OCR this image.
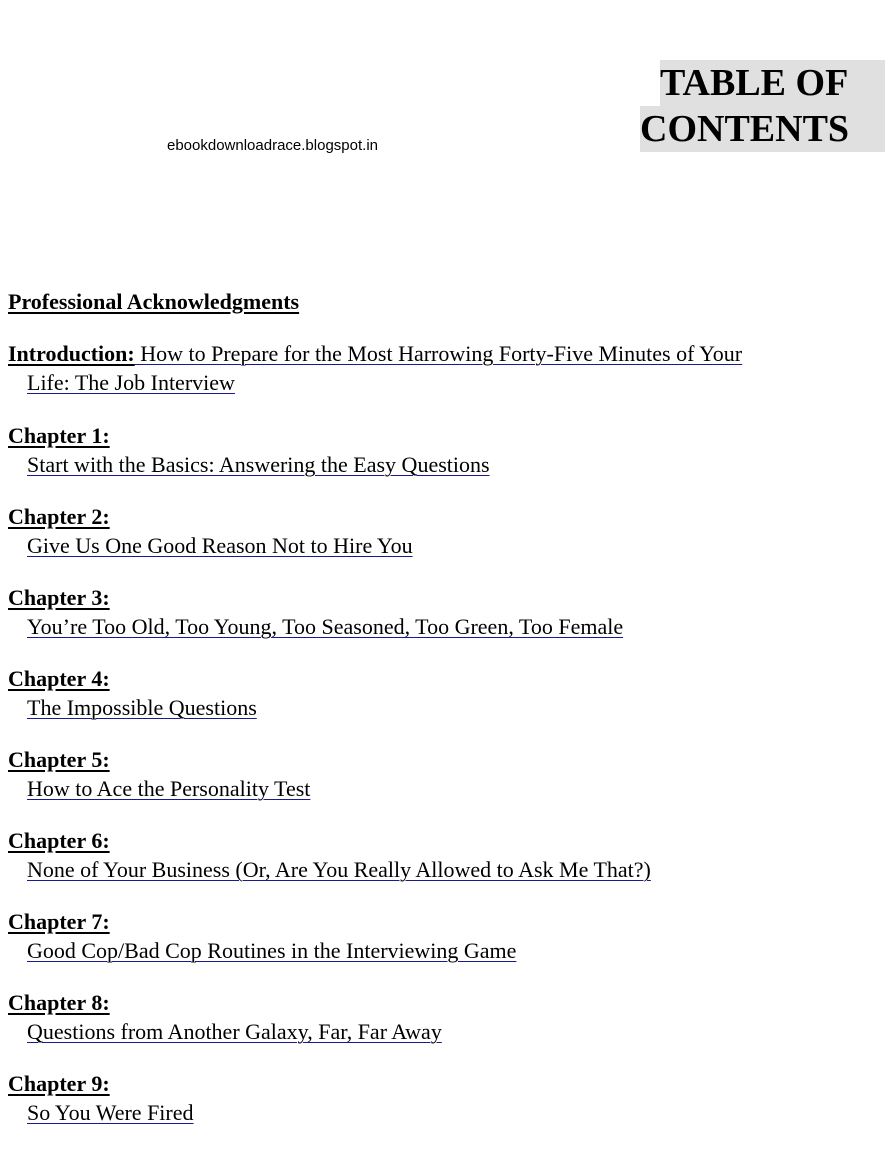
ebookdownloadrace.blogspot.in
TABLE OF
CONTENTS
Professional Acknowledgments
Introduction: How to Prepare for the Most Harrowing Forty-Five Minutes of Your
Life: The Job Interview
Chapter 1:
Start with the Basics: Answering the Easy Questions
Chapter 2:
Give Us One Good Reason Not to Hire You
Chapter 3:
You’re Too Old, Too Young, Too Seasoned, Too Green, Too Female
Chapter 4:
The Impossible Questions
Chapter 5:
How to Ace the Personality Test
Chapter 6:
None of Your Business (Or, Are You Really Allowed to Ask Me That?)
Chapter 7:
Good Cop/Bad Cop Routines in the Interviewing Game
Chapter 8:
Questions from Another Galaxy, Far, Far Away
Chapter 9:
So You Were Fired
